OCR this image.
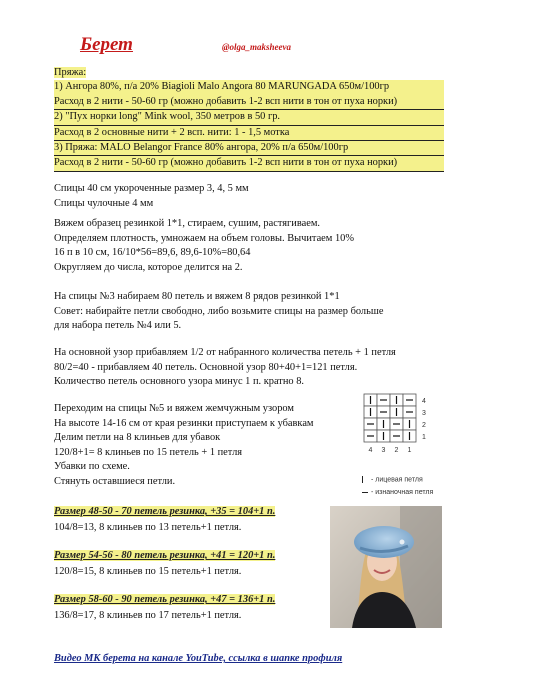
Берет	@olga_maksheeva
Пряжа:
1) Ангора 80%, п/а 20% Biagioli Malo Angora 80 MARUNGADA 650м/100гр
Расход в 2 нити - 50-60 гр (можно добавить 1-2 всп нити в тон от пуха норки)
2) "Пух норки long" Mink wool, 350 метров в 50 гр.
Расход в 2 основные нити + 2 всп. нити: 1 - 1,5 мотка
3) Пряжа: MALO Belangor France 80% ангора, 20% п/а 650м/100гр
Расход в 2 нити - 50-60 гр (можно добавить 1-2 всп нити в тон от пуха норки)
Спицы 40 см укороченные размер 3, 4, 5 мм
Спицы чулочные 4 мм
Вяжем образец резинкой 1*1, стираем, сушим, растягиваем.
Определяем плотность, умножаем на объем головы. Вычитаем 10%
16 п в 10 см, 16/10*56=89,6, 89,6-10%=80,64
Округляем до числа, которое делится на 2.
На спицы №3 набираем 80 петель и вяжем 8 рядов резинкой 1*1
Совет: набирайте петли свободно, либо возьмите спицы на размер больше
для набора петель №4 или 5.
На основной узор прибавляем 1/2 от набранного количества петель + 1 петля
80/2=40 - прибавляем 40 петель. Основной узор 80+40+1=121 петля.
Количество петель основного узора минус 1 п. кратно 8.
Переходим на спицы №5 и вяжем жемчужным узором
На высоте 14-16 см от края резинки приступаем к убавкам
Делим петли на 8 клиньев для убавок
120/8+1= 8 клиньев по 15 петель + 1 петля
Убавки по схеме.
Стянуть оставшиеся петли.
4
3
2
1
4 3 2 1
- лицевая петля
- изнаночная петля
Размер 48-50 - 70 петель резинка, +35 = 104+1 п.
104/8=13, 8 клиньев по 13 петель+1 петля.
Размер 54-56 - 80 петель резинка, +41 = 120+1 п.
120/8=15, 8 клиньев по 15 петель+1 петля.
Размер 58-60 - 90 петель резинка, +47 = 136+1 п.
136/8=17, 8 клиньев по 17 петель+1 петля.
Видео МК берета на канале YouTube, ссылка в шапке профиля
